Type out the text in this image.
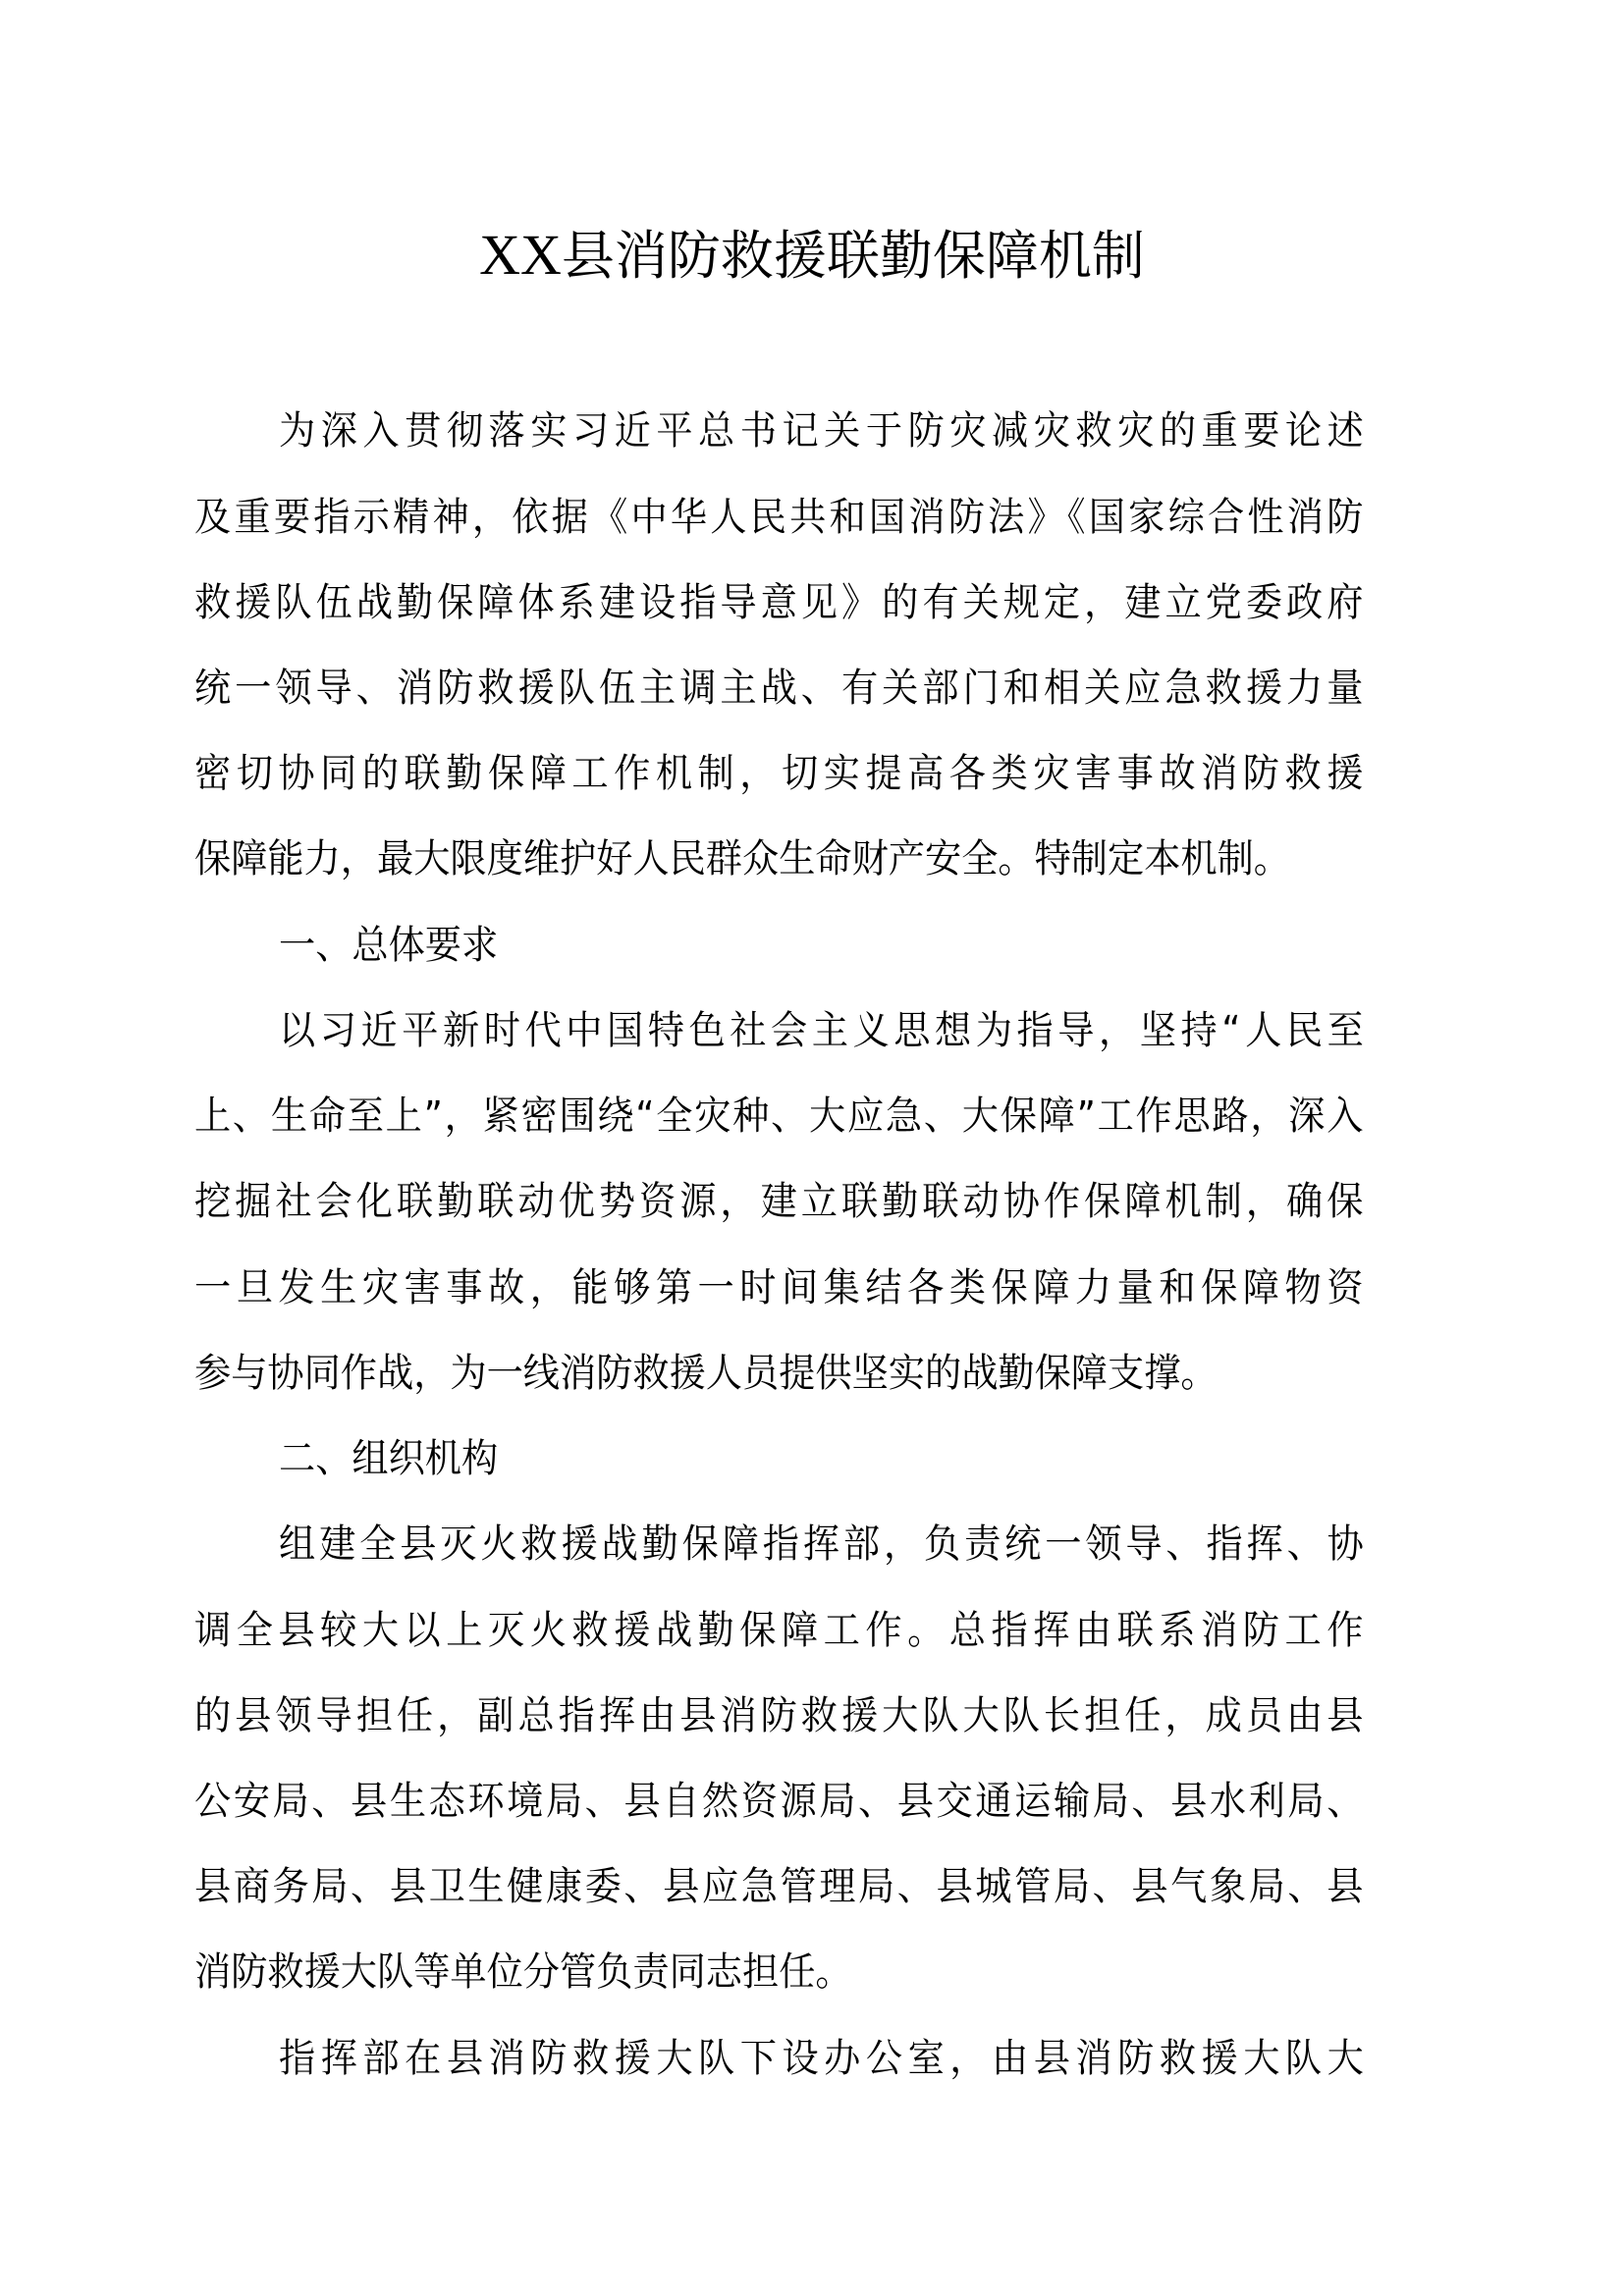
XX县消防救援联勤保障机制
为深入贯彻落实习近平总书记关于防灾减灾救灾的重要论述
及重要指示精神，依据《中华人民共和国消防法》《国家综合性消防
救援队伍战勤保障体系建设指导意见》的有关规定，建立党委政府
统一领导、消防救援队伍主调主战、有关部门和相关应急救援力量
密切协同的联勤保障工作机制，切实提高各类灾害事故消防救援
保障能力，最大限度维护好人民群众生命财产安全。特制定本机制。
一、总体要求
以习近平新时代中国特色社会主义思想为指导，坚持“人民至
上、生命至上”，紧密围绕“全灾种、大应急、大保障”工作思路，深入
挖掘社会化联勤联动优势资源，建立联勤联动协作保障机制，确保
一旦发生灾害事故，能够第一时间集结各类保障力量和保障物资
参与协同作战，为一线消防救援人员提供坚实的战勤保障支撑。
二、组织机构
组建全县灭火救援战勤保障指挥部，负责统一领导、指挥、协
调全县较大以上灭火救援战勤保障工作。总指挥由联系消防工作
的县领导担任，副总指挥由县消防救援大队大队长担任，成员由县
公安局、县生态环境局、县自然资源局、县交通运输局、县水利局、
县商务局、县卫生健康委、县应急管理局、县城管局、县气象局、县
消防救援大队等单位分管负责同志担任。
指挥部在县消防救援大队下设办公室，由县消防救援大队大
